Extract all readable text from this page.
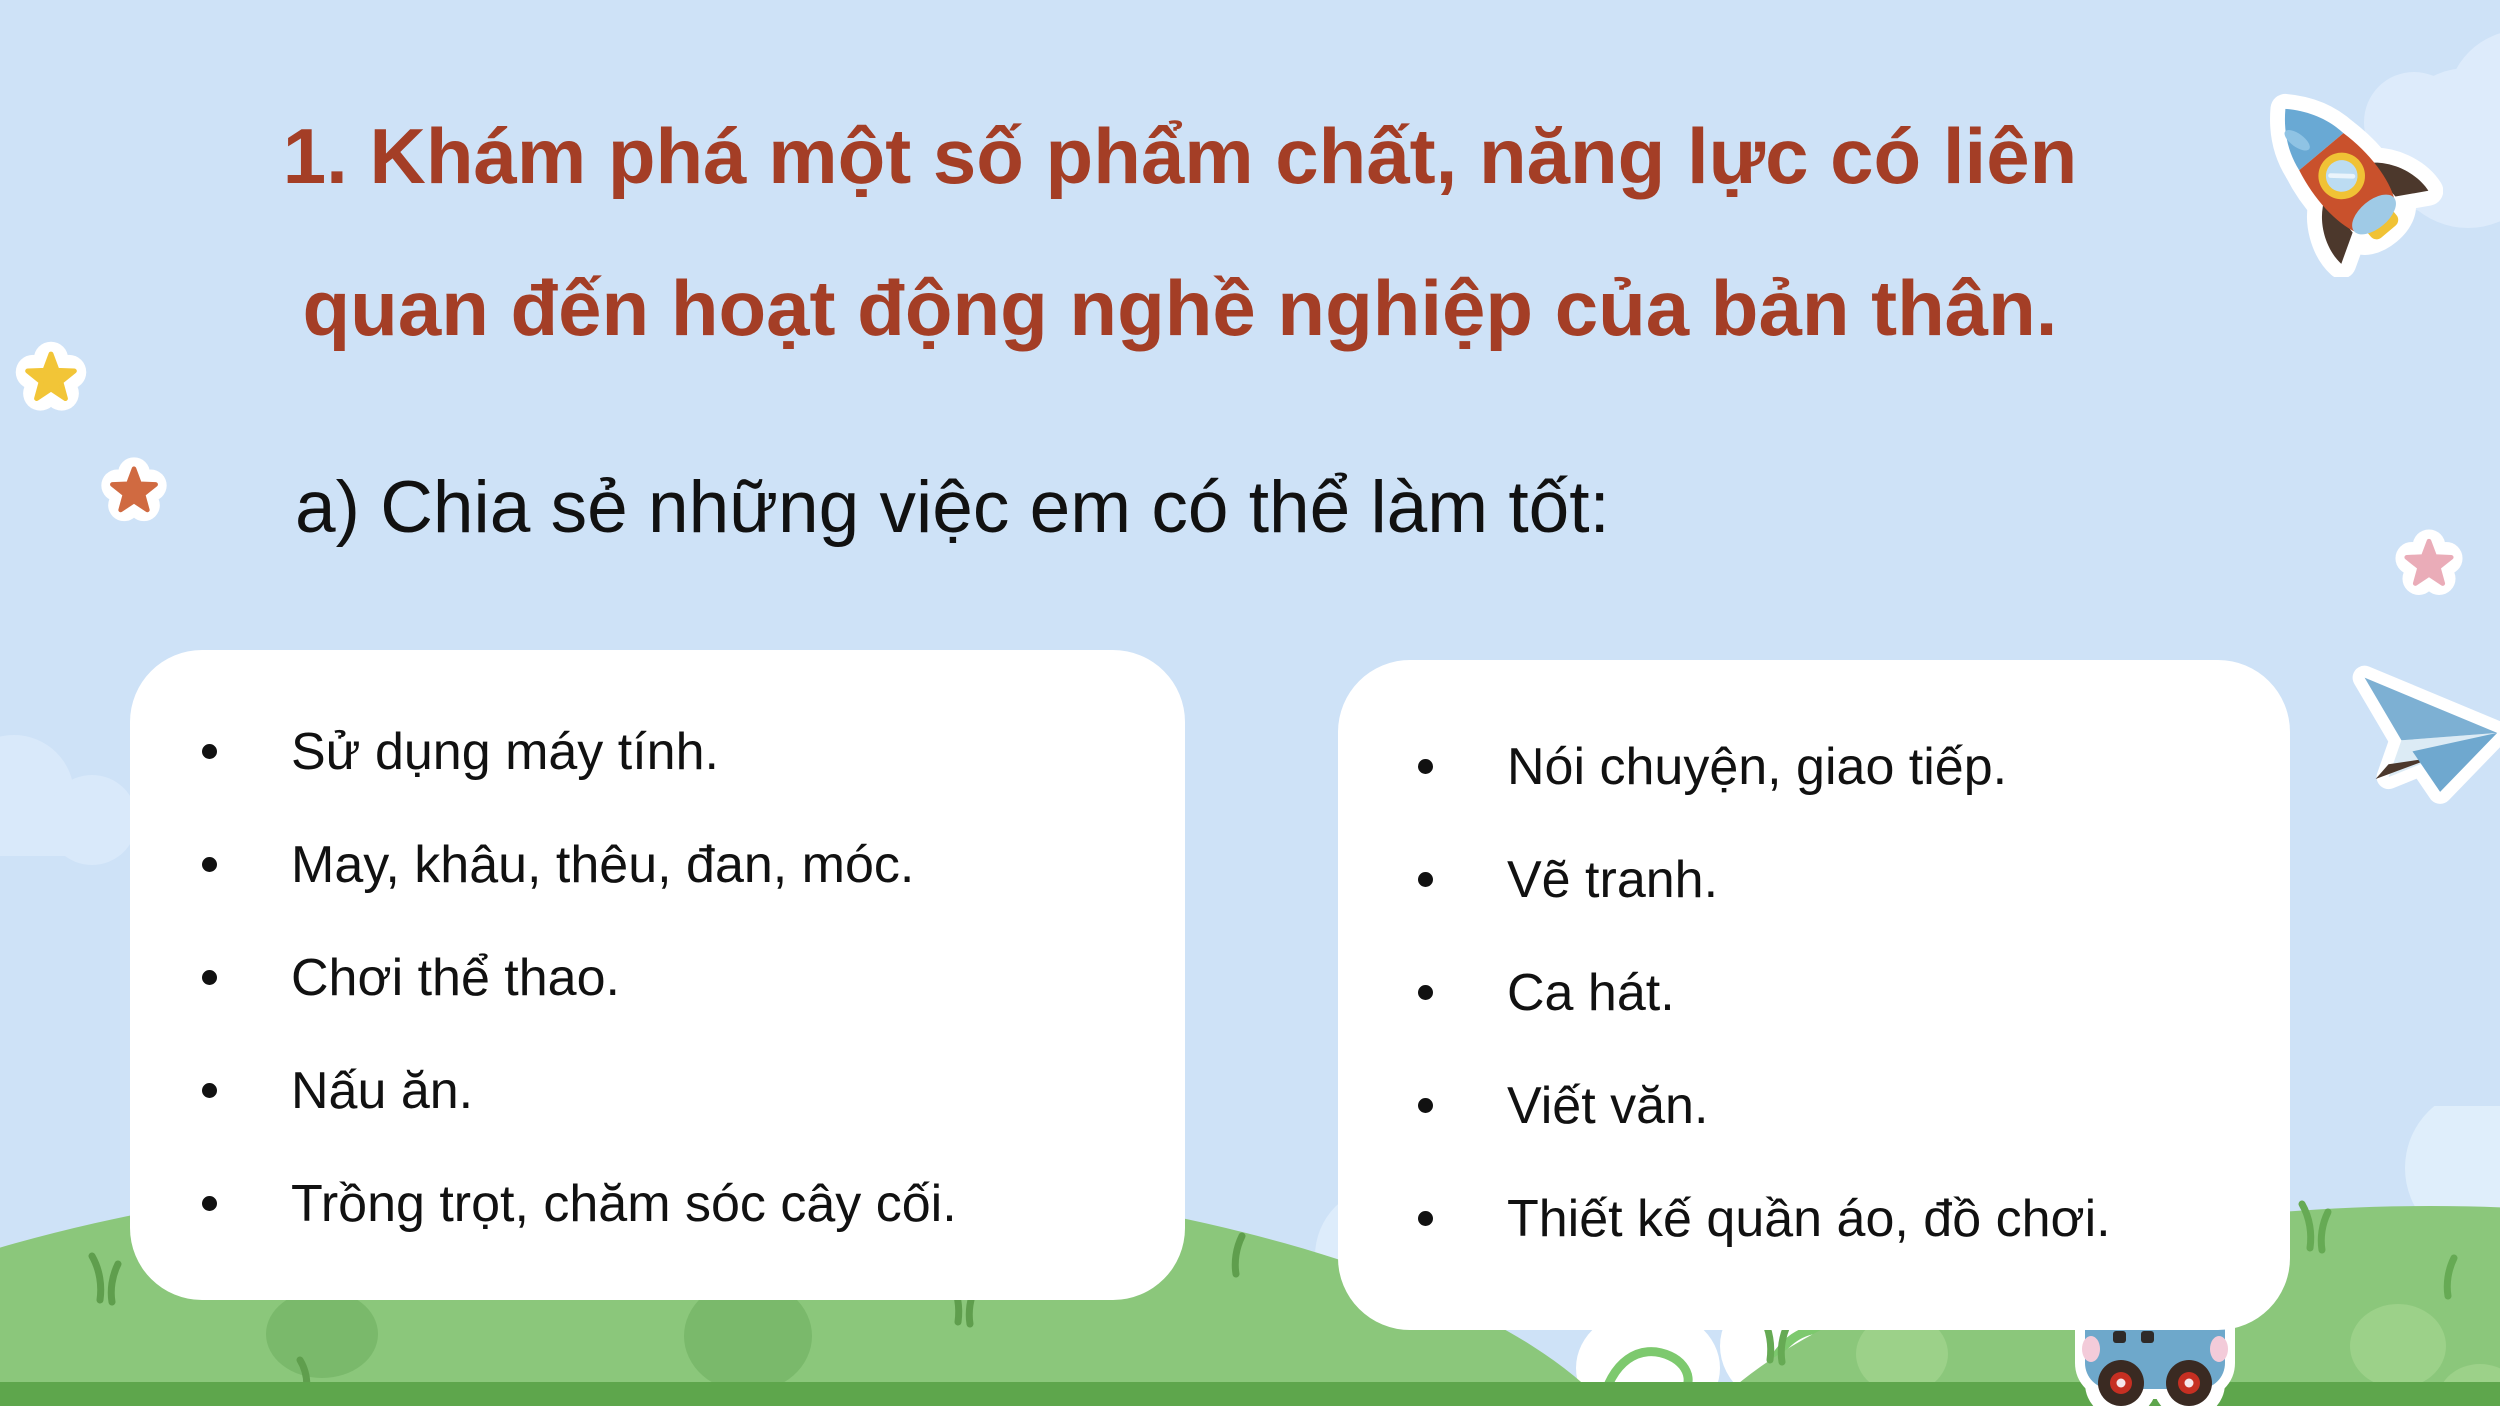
1. Khám phá một số phẩm chất, năng lực có liên
quan đến hoạt động nghề nghiệp của bản thân.
a) Chia sẻ những việc em có thể làm tốt:
Sử dụng máy tính.
May, khâu, thêu, đan, móc.
Chơi thể thao.
Nấu ăn.
Trồng trọt, chăm sóc cây cối.
Nói chuyện, giao tiếp.
Vẽ tranh.
Ca hát.
Viết văn.
Thiết kế quần áo, đồ chơi.
